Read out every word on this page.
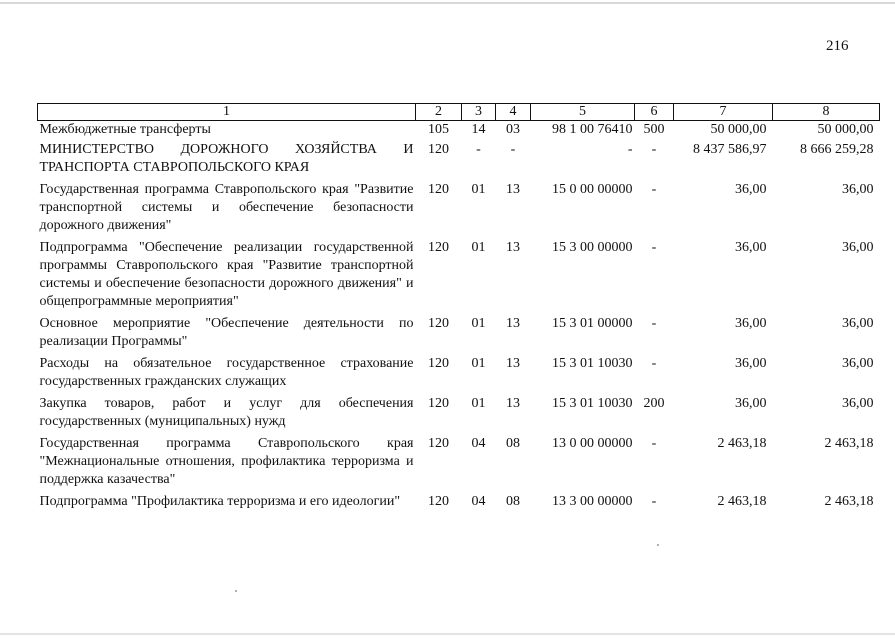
216
1	2	3	4	5	6	7	8

Межбюджетные трансферты	105	14	03	98 1 00 76410	500	50 000,00	50 000,00

МИНИСТЕРСТВО ДОРОЖНОГО ХОЗЯЙСТВА И ТРАНСПОРТА СТАВРОПОЛЬСКОГО КРАЯ	120	-	-	-	-	8 437 586,97	8 666 259,28

Государственная программа Ставропольского края "Развитие транспортной системы и обеспечение безопасности дорожного движения"	120	01	13	15 0 00 00000	-	36,00	36,00

Подпрограмма "Обеспечение реализации государственной программы Ставропольского края "Развитие транспортной системы и обеспечение безопасности дорожного движения" и общепрограммные мероприятия"	120	01	13	15 3 00 00000	-	36,00	36,00

Основное мероприятие "Обеспечение деятельности по реализации Программы"	120	01	13	15 3 01 00000	-	36,00	36,00

Расходы на обязательное государственное страхование государственных гражданских служащих	120	01	13	15 3 01 10030	-	36,00	36,00

Закупка товаров, работ и услуг для обеспечения государственных (муниципальных) нужд	120	01	13	15 3 01 10030	200	36,00	36,00

Государственная программа Ставропольского края "Межнациональные отношения, профилактика терроризма и поддержка казачества"	120	04	08	13 0 00 00000	-	2 463,18	2 463,18

Подпрограмма "Профилактика терроризма и его идеологии"	120	04	08	13 3 00 00000	-	2 463,18	2 463,18
